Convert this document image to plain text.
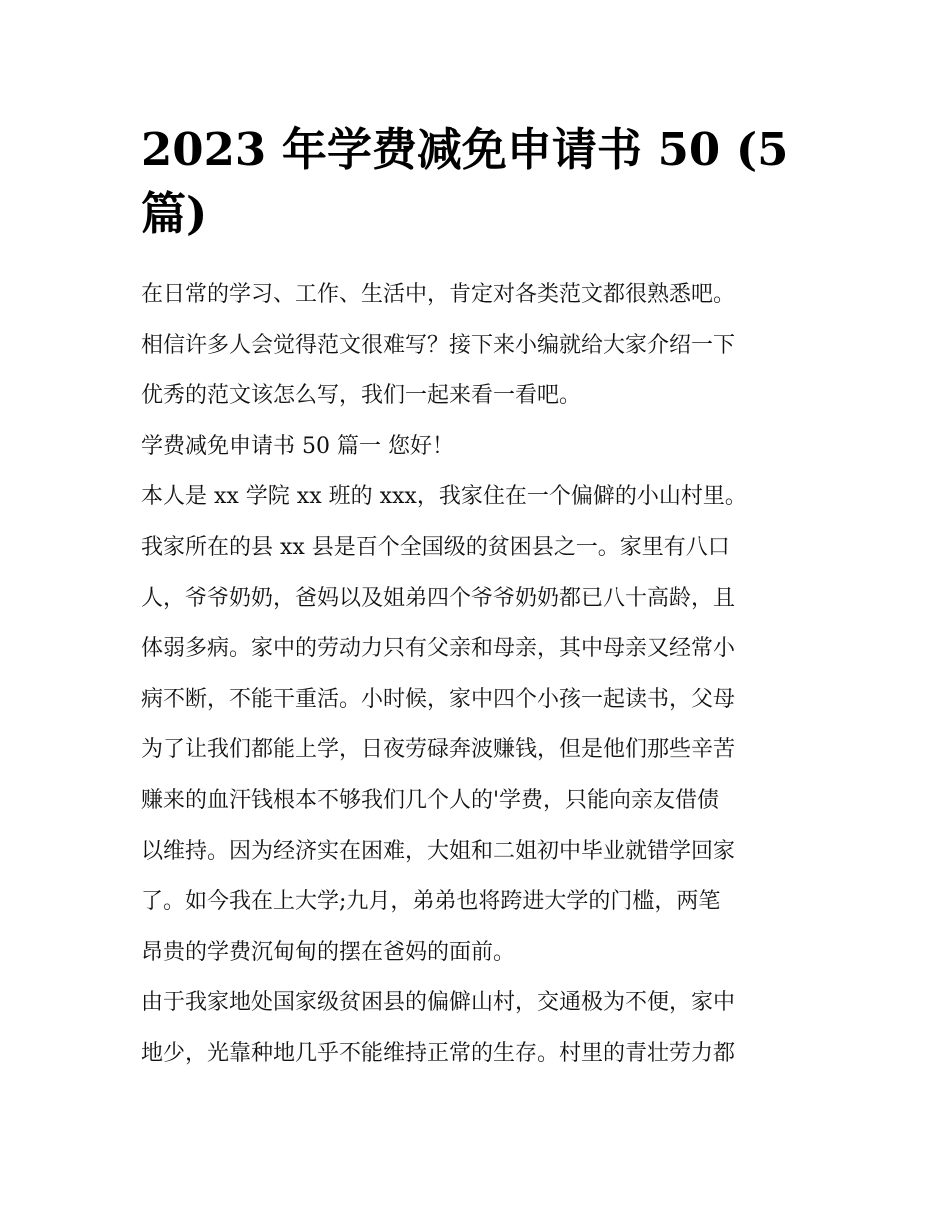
2023 年学费减免申请书 50 (5
篇)

在日常的学习、工作、生活中，肯定对各类范文都很熟悉吧。
相信许多人会觉得范文很难写？接下来小编就给大家介绍一下
优秀的范文该怎么写，我们一起来看一看吧。

学费减免申请书 50 篇一 您好！

本人是 xx 学院 xx 班的 xxx，我家住在一个偏僻的小山村里。
我家所在的县 xx 县是百个全国级的贫困县之一。家里有八口
人，爷爷奶奶，爸妈以及姐弟四个爷爷奶奶都已八十高龄，且
体弱多病。家中的劳动力只有父亲和母亲，其中母亲又经常小
病不断，不能干重活。小时候，家中四个小孩一起读书，父母
为了让我们都能上学，日夜劳碌奔波赚钱，但是他们那些辛苦
赚来的血汗钱根本不够我们几个人的'学费，只能向亲友借债
以维持。因为经济实在困难，大姐和二姐初中毕业就错学回家
了。如今我在上大学;九月，弟弟也将跨进大学的门槛，两笔
昂贵的学费沉甸甸的摆在爸妈的面前。

由于我家地处国家级贫困县的偏僻山村，交通极为不便，家中
地少，光靠种地几乎不能维持正常的生存。村里的青壮劳力都
